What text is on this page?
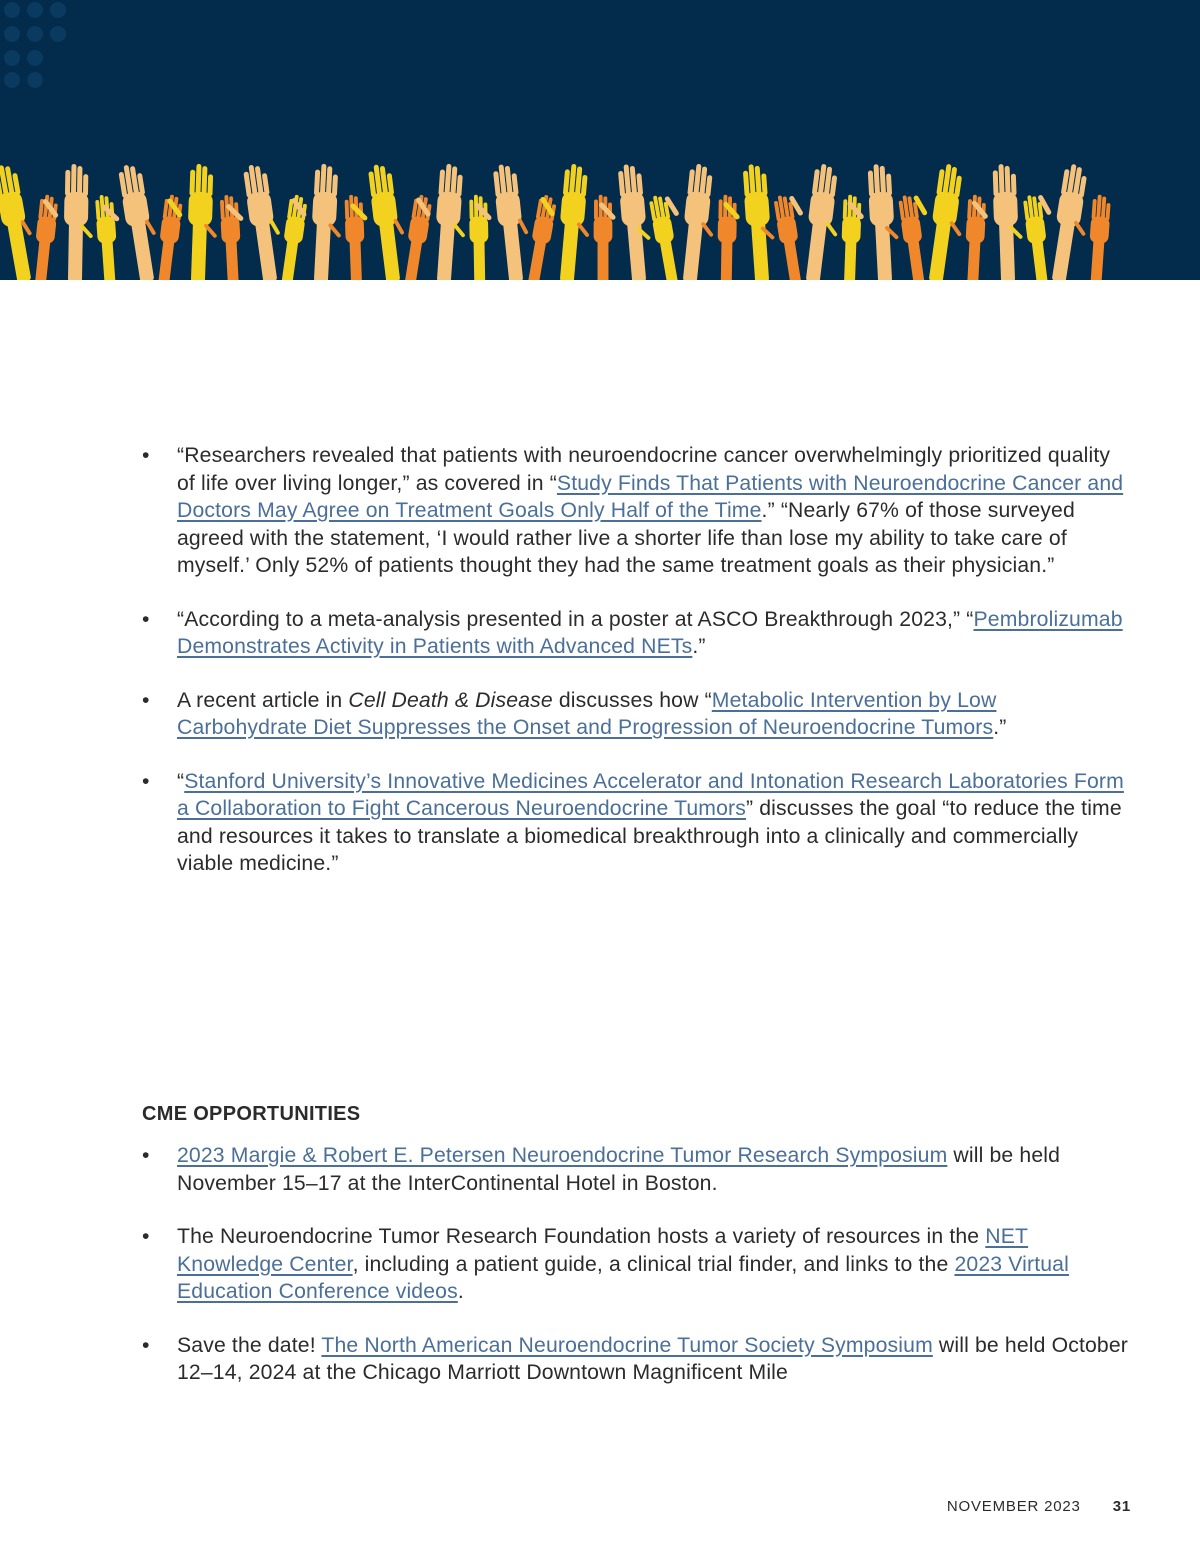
• “Researchers revealed that patients with neuroendocrine cancer overwhelmingly prioritized quality of life over living longer,” as covered in “Study Finds That Patients with Neuroendocrine Cancer and Doctors May Agree on Treatment Goals Only Half of the Time.” “Nearly 67% of those surveyed agreed with the statement, ‘I would rather live a shorter life than lose my ability to take care of myself.’ Only 52% of patients thought they had the same treatment goals as their physician.”
• “According to a meta-analysis presented in a poster at ASCO Breakthrough 2023,” “Pembrolizumab Demonstrates Activity in Patients with Advanced NETs.”
• A recent article in Cell Death & Disease discusses how “Metabolic Intervention by Low Carbohydrate Diet Suppresses the Onset and Progression of Neuroendocrine Tumors.”
• “Stanford University’s Innovative Medicines Accelerator and Intonation Research Laboratories Form a Collaboration to Fight Cancerous Neuroendocrine Tumors” discusses the goal “to reduce the time and resources it takes to translate a biomedical breakthrough into a clinically and commercially viable medicine.”
CME OPPORTUNITIES
• 2023 Margie & Robert E. Petersen Neuroendocrine Tumor Research Symposium will be held November 15–17 at the InterContinental Hotel in Boston.
• The Neuroendocrine Tumor Research Foundation hosts a variety of resources in the NET Knowledge Center, including a patient guide, a clinical trial finder, and links to the 2023 Virtual Education Conference videos.
• Save the date! The North American Neuroendocrine Tumor Society Symposium will be held October 12–14, 2024 at the Chicago Marriott Downtown Magnificent Mile
NOVEMBER 2023 31
